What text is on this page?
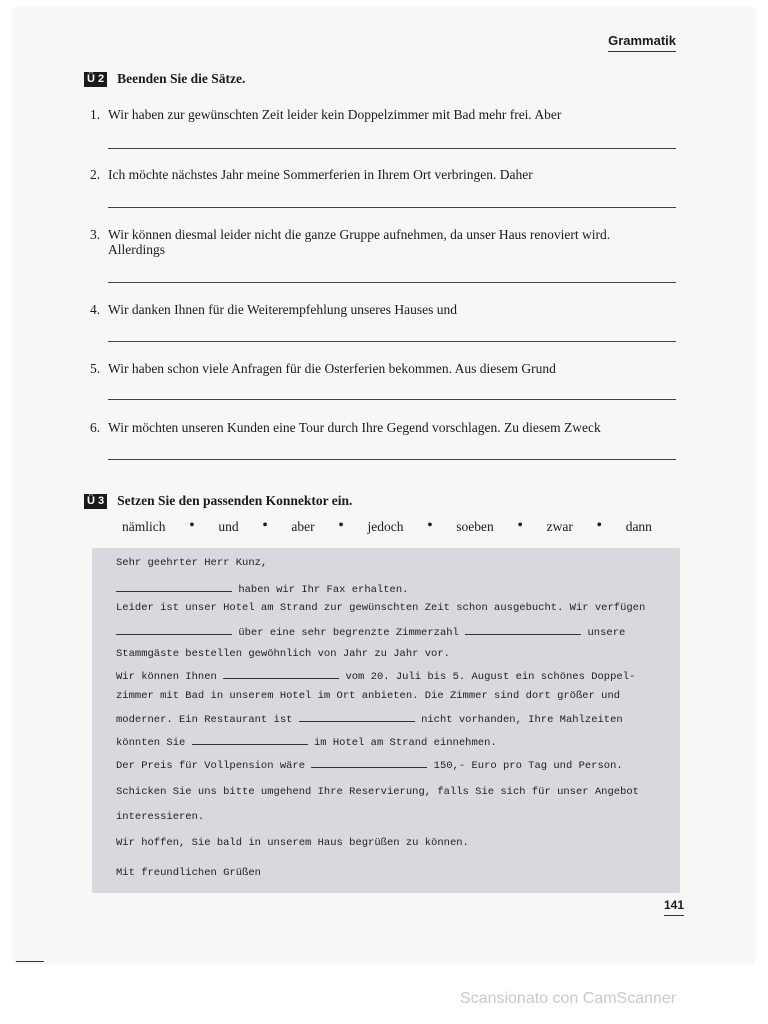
Grammatik
Ü 2 Beenden Sie die Sätze.
1. Wir haben zur gewünschten Zeit leider kein Doppelzimmer mit Bad mehr frei. Aber
2. Ich möchte nächstes Jahr meine Sommerferien in Ihrem Ort verbringen. Daher
3. Wir können diesmal leider nicht die ganze Gruppe aufnehmen, da unser Haus renoviert wird.
Allerdings
4. Wir danken Ihnen für die Weiterempfehlung unseres Hauses und
5. Wir haben schon viele Anfragen für die Osterferien bekommen. Aus diesem Grund
6. Wir möchten unseren Kunden eine Tour durch Ihre Gegend vorschlagen. Zu diesem Zweck
Ü 3 Setzen Sie den passenden Konnektor ein.
nämlich • und • aber • jedoch • soeben • zwar • dann
Sehr geehrter Herr Kunz,
haben wir Ihr Fax erhalten.
Leider ist unser Hotel am Strand zur gewünschten Zeit schon ausgebucht. Wir verfügen
über eine sehr begrenzte Zimmerzahl	unsere
Stammgäste bestellen gewöhnlich von Jahr zu Jahr vor.
Wir können Ihnen	vom 20. Juli bis 5. August ein schönes Doppel-
zimmer mit Bad in unserem Hotel im Ort anbieten. Die Zimmer sind dort größer und
moderner. Ein Restaurant ist	nicht vorhanden, Ihre Mahlzeiten
könnten Sie	im Hotel am Strand einnehmen.
Der Preis für Vollpension wäre	150,- Euro pro Tag und Person.
Schicken Sie uns bitte umgehend Ihre Reservierung, falls Sie sich für unser Angebot
interessieren.
Wir hoffen, Sie bald in unserem Haus begrüßen zu können.
Mit freundlichen Grüßen
141
Scansionato con CamScanner
